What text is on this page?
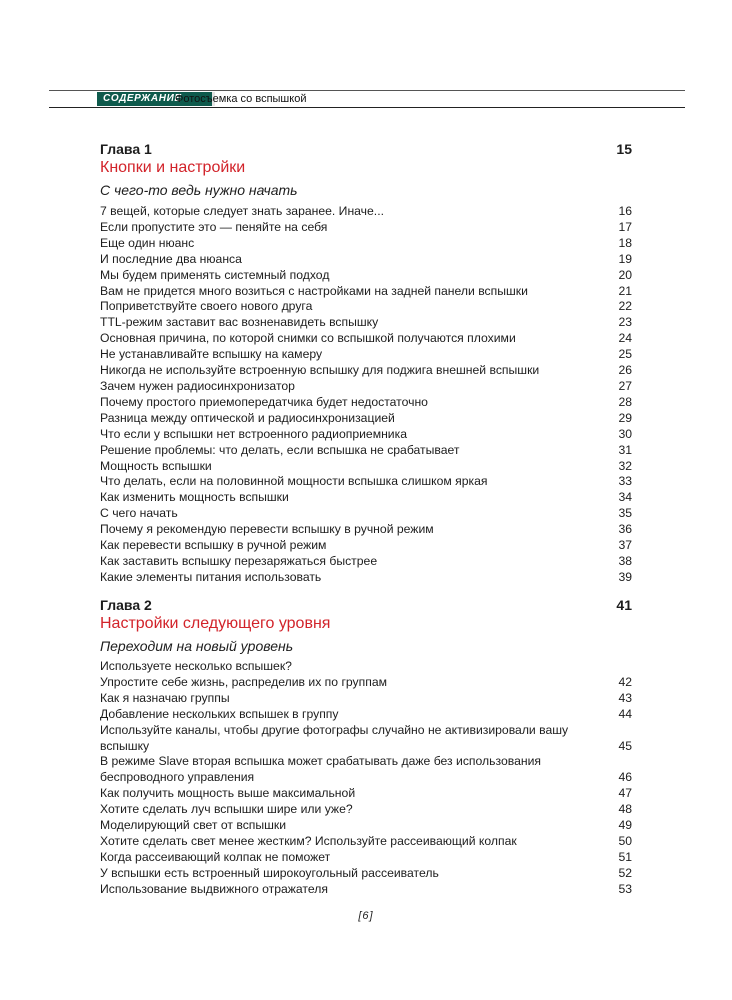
СОДЕРЖАНИЕ
Фотосъемка со вспышкой
Глава 1	15
Кнопки и настройки
С чего-то ведь нужно начать
7 вещей, которые следует знать заранее. Иначе...	16
Если пропустите это — пеняйте на себя	17
Еще один нюанс	18
И последние два нюанса	19
Мы будем применять системный подход	20
Вам не придется много возиться с настройками на задней панели вспышки	21
Поприветствуйте своего нового друга	22
TTL-режим заставит вас возненавидеть вспышку	23
Основная причина, по которой снимки со вспышкой получаются плохими	24
Не устанавливайте вспышку на камеру	25
Никогда не используйте встроенную вспышку для поджига внешней вспышки	26
Зачем нужен радиосинхронизатор	27
Почему простого приемопередатчика будет недостаточно	28
Разница между оптической и радиосинхронизацией	29
Что если у вспышки нет встроенного радиоприемника	30
Решение проблемы: что делать, если вспышка не срабатывает	31
Мощность вспышки	32
Что делать, если на половинной мощности вспышка слишком яркая	33
Как изменить мощность вспышки	34
С чего начать	35
Почему я рекомендую перевести вспышку в ручной режим	36
Как перевести вспышку в ручной режим	37
Как заставить вспышку перезаряжаться быстрее	38
Какие элементы питания использовать	39
Глава 2	41
Настройки следующего уровня
Переходим на новый уровень
Используете несколько вспышек?
Упростите себе жизнь, распределив их по группам	42
Как я назначаю группы	43
Добавление нескольких вспышек в группу	44
Используйте каналы, чтобы другие фотографы случайно не активизировали вашу вспышку	45
В режиме Slave вторая вспышка может срабатывать даже без использования беспроводного управления	46
Как получить мощность выше максимальной	47
Хотите сделать луч вспышки шире или уже?	48
Моделирующий свет от вспышки	49
Хотите сделать свет менее жестким? Используйте рассеивающий колпак	50
Когда рассеивающий колпак не поможет	51
У вспышки есть встроенный широкоугольный рассеиватель	52
Использование выдвижного отражателя	53
[6]
